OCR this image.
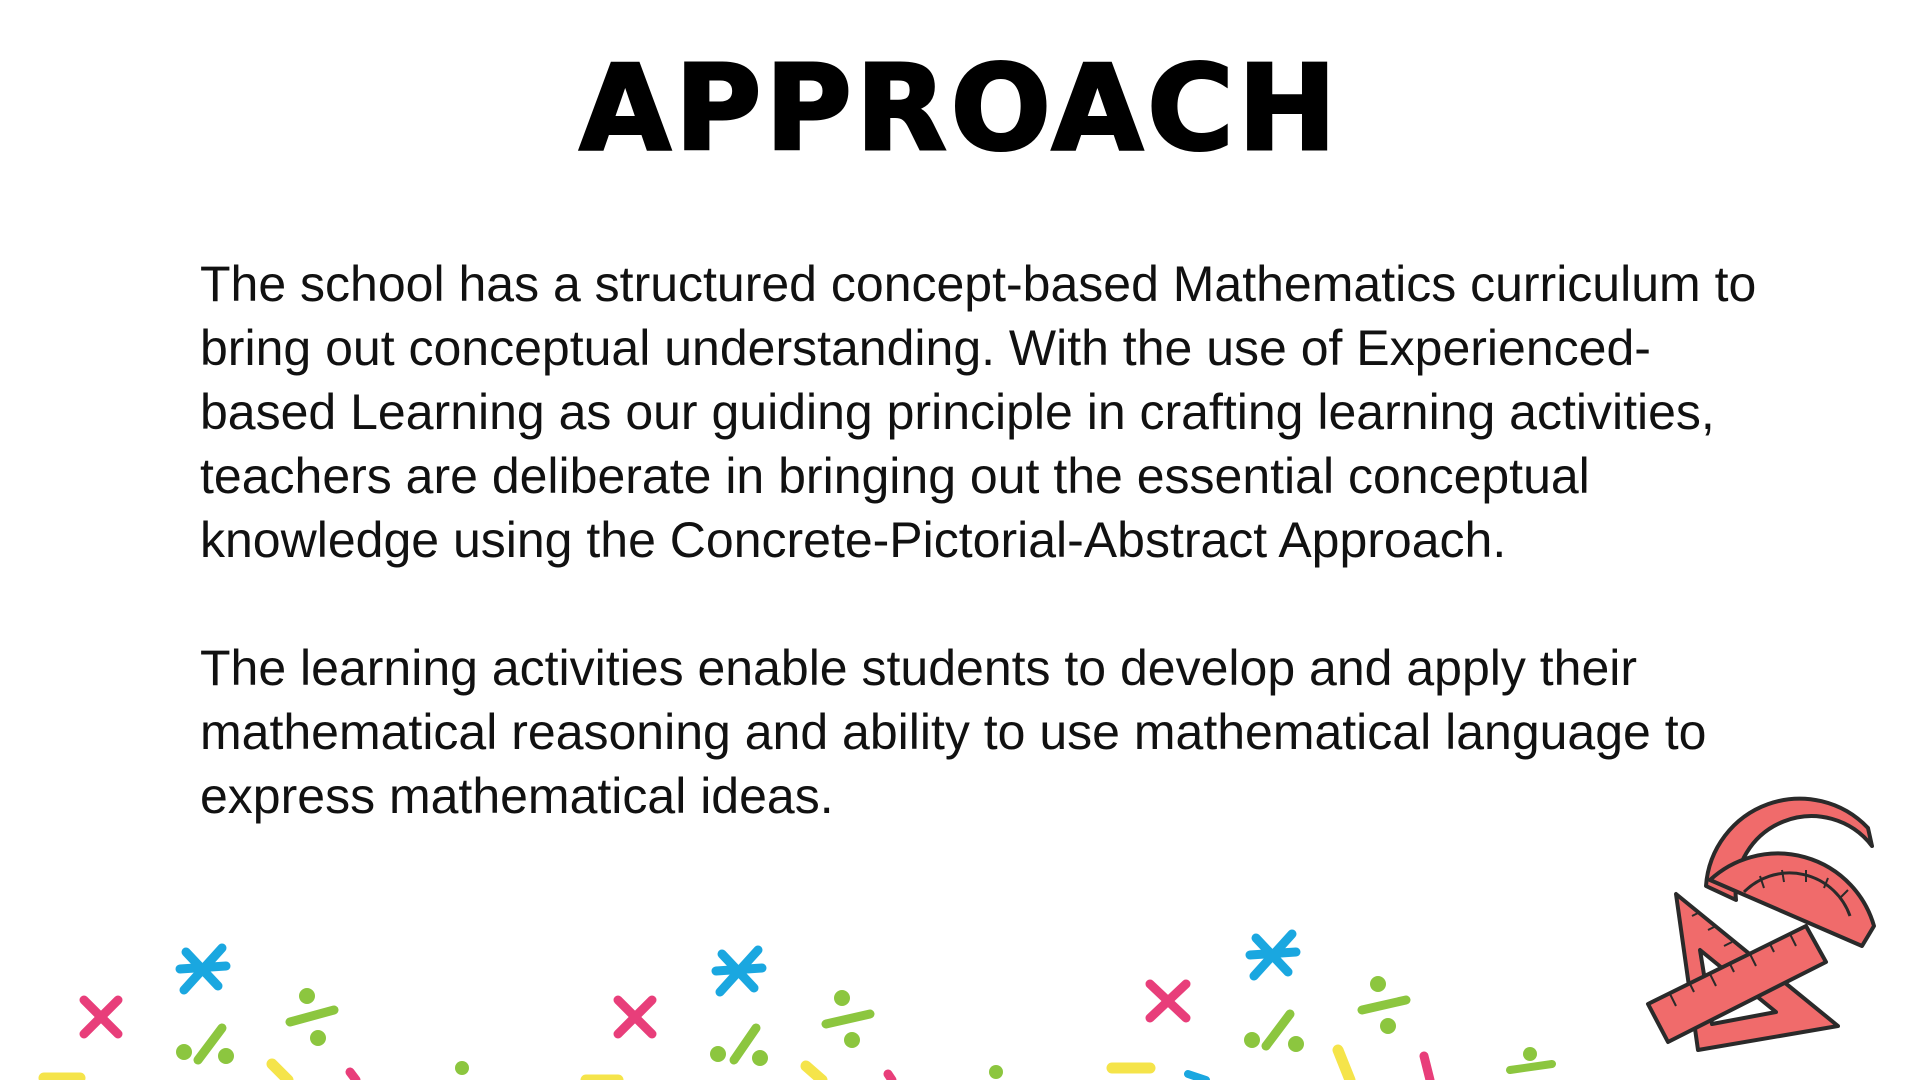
APPROACH

The school has a structured concept-based Mathematics curriculum to bring out conceptual understanding. With the use of Experienced-based Learning as our guiding principle in crafting learning activities, teachers are deliberate in bringing out the essential conceptual knowledge using the Concrete-Pictorial-Abstract Approach.

The learning activities enable students to develop and apply their mathematical reasoning and ability to use mathematical language to express mathematical ideas.
